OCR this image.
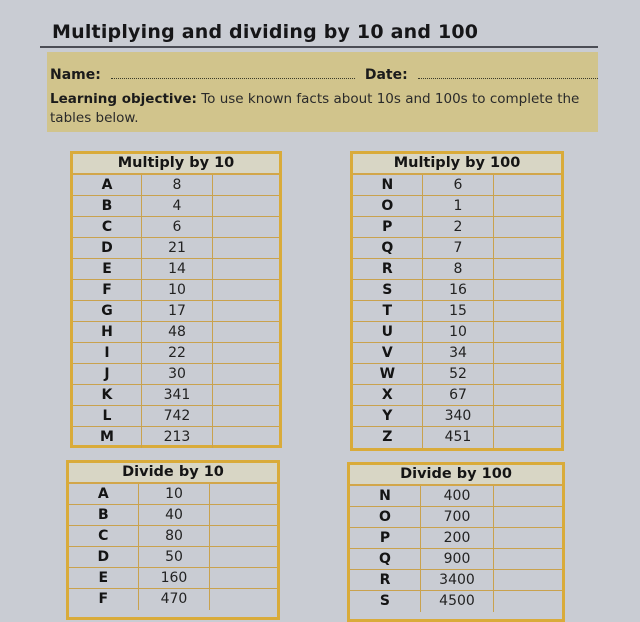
Multiplying and dividing by 10 and 100
Name:	Date:
Learning objective: To use known facts about 10s and 100s to complete the tables below.
Multiply by 10
A	8
B	4
C	6
D	21
E	14
F	10
G	17
H	48
I	22
J	30
K	341
L	742
M	213
Multiply by 100
N	6
O	1
P	2
Q	7
R	8
S	16
T	15
U	10
V	34
W	52
X	67
Y	340
Z	451
Divide by 10
A	10
B	40
C	80
D	50
E	160
F	470
Divide by 100
N	400
O	700
P	200
Q	900
R	3400
S	4500
